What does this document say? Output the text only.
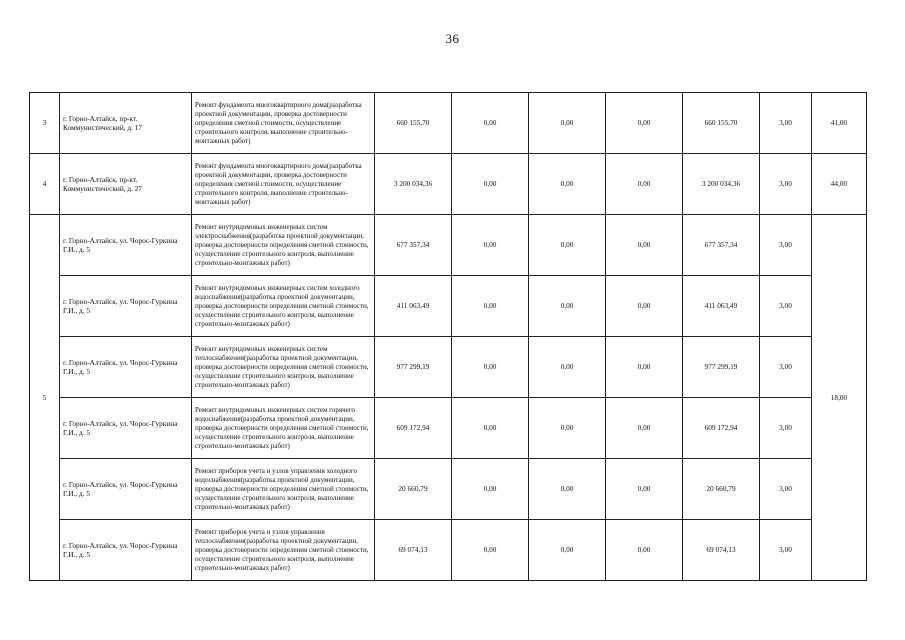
36
3	г. Горно-Алтайск, пр-кт. Коммунистический, д. 17	Ремонт фундамента многоквартирного дома(разработка проектной документации, проверка достоверности определения сметной стоимости, осуществление строительного контроля, выполнение строительно-монтажных работ)	660 155,70	0,00	0,00	0,00	660 155,70	3,00	41,00
4	г. Горно-Алтайск, пр-кт. Коммунистический, д. 27	Ремонт фундамента многоквартирного дома(разработка проектной документации, проверка достоверности определения сметной стоимости, осуществление строительного контроля, выполнение строительно-монтажных работ)	3 200 034,36	0,00	0,00	0,00	3 200 034,36	3,00	44,00
5	г. Горно-Алтайск, ул. Чорос-Гуркина Г.И., д. 5	Ремонт внутридомовых инженерных систем электроснабжения(разработка проектной документации, проверка достоверности определения сметной стоимости, осуществление строительного контроля, выполнение строительно-монтажных работ)	677 357,34	0,00	0,00	0,00	677 357,34	3,00	18,00
	г. Горно-Алтайск, ул. Чорос-Гуркина Г.И., д. 5	Ремонт внутридомовых инженерных систем холодного водоснабжения(разработка проектной документации, проверка достоверности определения сметной стоимости, осуществление строительного контроля, выполнение строительно-монтажных работ)	411 063,49	0,00	0,00	0,00	411 063,49	3,00	
	г. Горно-Алтайск, ул. Чорос-Гуркина Г.И., д. 5	Ремонт внутридомовых инженерных систем теплоснабжения(разработка проектной документации, проверка достоверности определения сметной стоимости, осуществление строительного контроля, выполнение строительно-монтажных работ)	977 299,19	0,00	0,00	0,00	977 299,19	3,00	
	г. Горно-Алтайск, ул. Чорос-Гуркина Г.И., д. 5	Ремонт внутридомовых инженерных систем горячего водоснабжения(разработка проектной документации, проверка достоверности определения сметной стоимости, осуществление строительного контроля, выполнение строительно-монтажных работ)	609 172,94	0,00	0,00	0,00	609 172,94	3,00	
	г. Горно-Алтайск, ул. Чорос-Гуркина Г.И., д. 5	Ремонт приборов учета и узлов управления холодного водоснабжения(разработка проектной документации, проверка достоверности определения сметной стоимости, осуществление строительного контроля, выполнение строительно-монтажных работ)	20 660,79	0,00	0,00	0,00	20 660,79	3,00	
	г. Горно-Алтайск, ул. Чорос-Гуркина Г.И., д. 5	Ремонт приборов учета и узлов управления теплоснабжения(разработка проектной документации, проверка достоверности определения сметной стоимости, осуществление строительного контроля, выполнение строительно-монтажных работ)	69 074,13	0,00	0,00	0,00	69 074,13	3,00	
